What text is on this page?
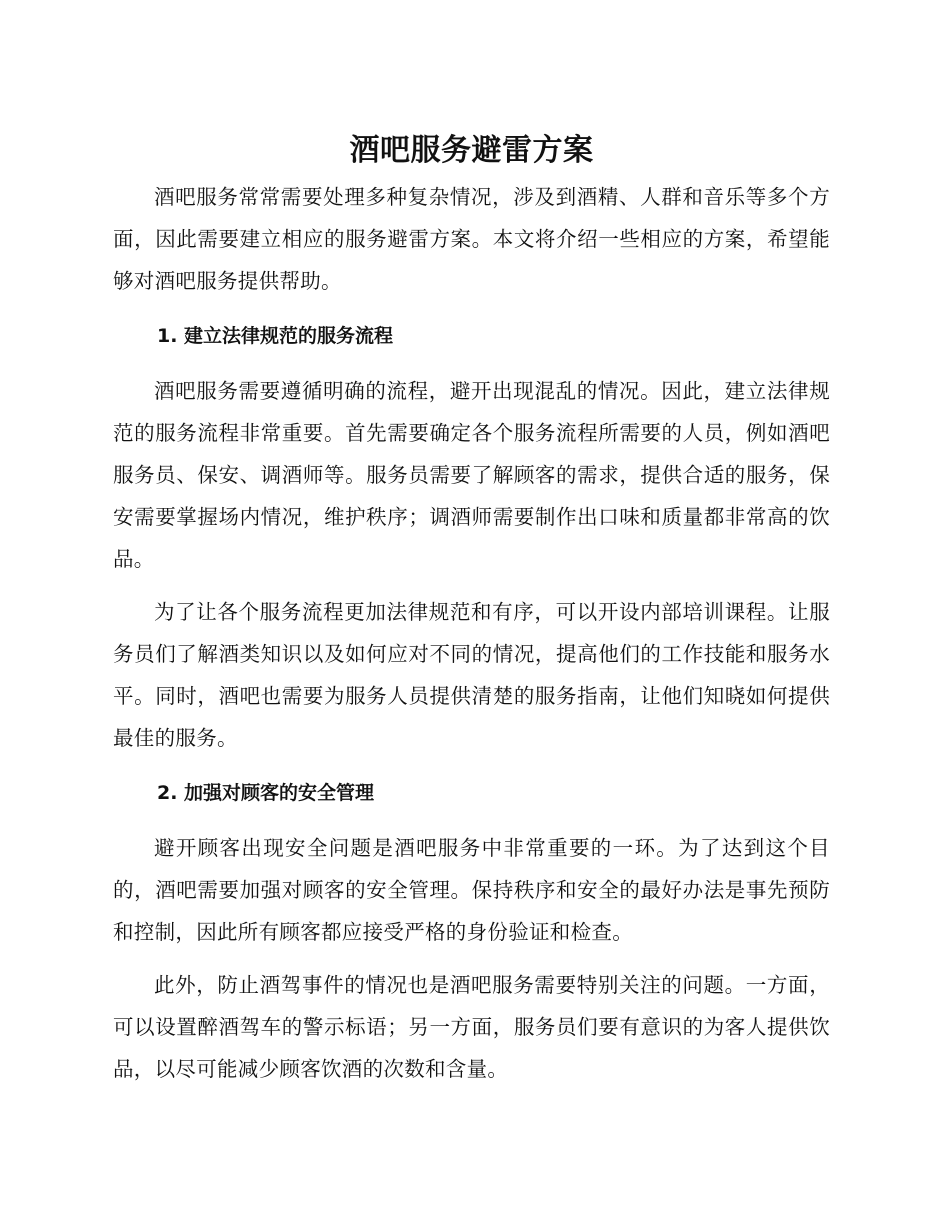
酒吧服务避雷方案

酒吧服务常常需要处理多种复杂情况，涉及到酒精、人群和音乐等多个方面，因此需要建立相应的服务避雷方案。本文将介绍一些相应的方案，希望能够对酒吧服务提供帮助。

1. 建立法律规范的服务流程

酒吧服务需要遵循明确的流程，避开出现混乱的情况。因此，建立法律规范的服务流程非常重要。首先需要确定各个服务流程所需要的人员，例如酒吧服务员、保安、调酒师等。服务员需要了解顾客的需求，提供合适的服务，保安需要掌握场内情况，维护秩序；调酒师需要制作出口味和质量都非常高的饮品。

为了让各个服务流程更加法律规范和有序，可以开设内部培训课程。让服务员们了解酒类知识以及如何应对不同的情况，提高他们的工作技能和服务水平。同时，酒吧也需要为服务人员提供清楚的服务指南，让他们知晓如何提供最佳的服务。

2. 加强对顾客的安全管理

避开顾客出现安全问题是酒吧服务中非常重要的一环。为了达到这个目的，酒吧需要加强对顾客的安全管理。保持秩序和安全的最好办法是事先预防和控制，因此所有顾客都应接受严格的身份验证和检查。

此外，防止酒驾事件的情况也是酒吧服务需要特别关注的问题。一方面，可以设置醉酒驾车的警示标语；另一方面，服务员们要有意识的为客人提供饮品，以尽可能减少顾客饮酒的次数和含量。
